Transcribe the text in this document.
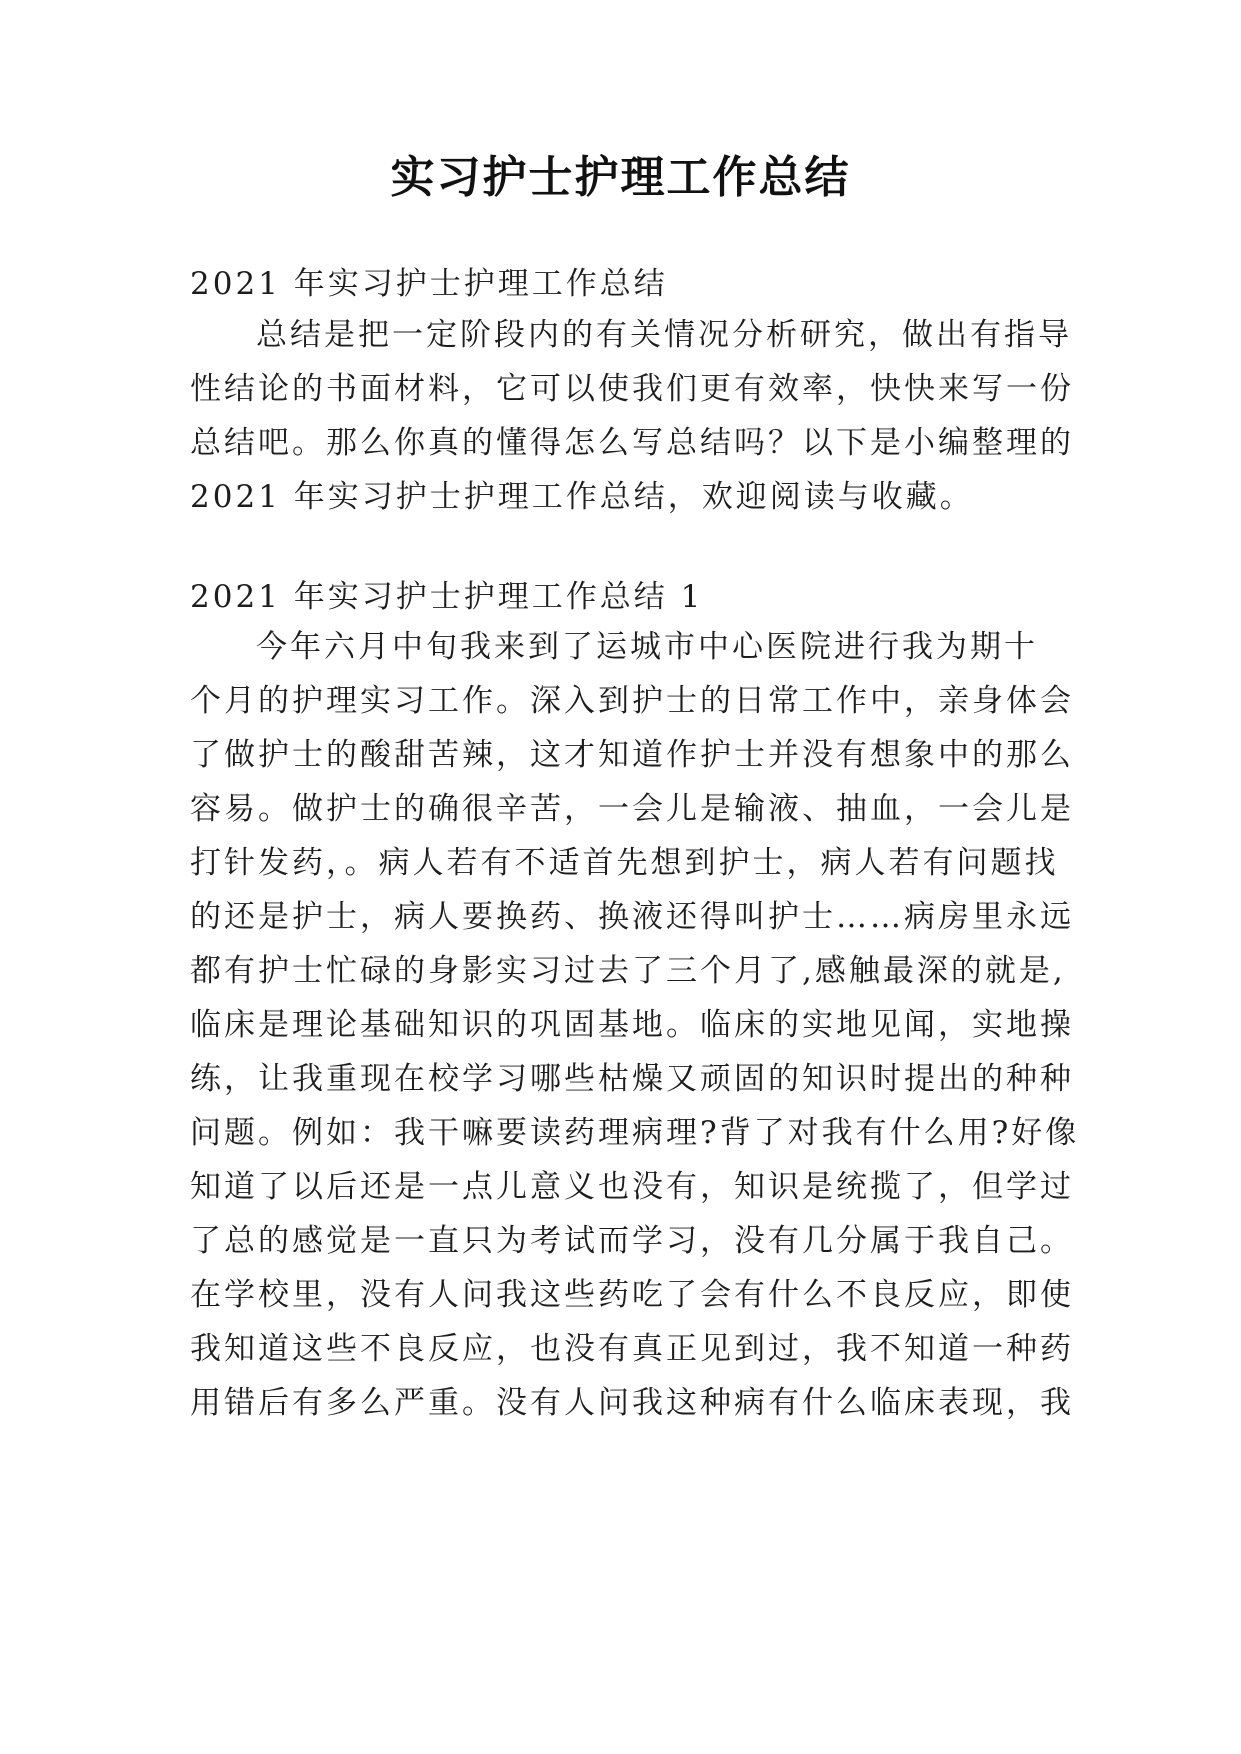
实习护士护理工作总结
2021 年实习护士护理工作总结
总结是把一定阶段内的有关情况分析研究，做出有指导
性结论的书面材料，它可以使我们更有效率，快快来写一份
总结吧。那么你真的懂得怎么写总结吗？以下是小编整理的
2021 年实习护士护理工作总结，欢迎阅读与收藏。
2021 年实习护士护理工作总结 1
今年六月中旬我来到了运城市中心医院进行我为期十
个月的护理实习工作。深入到护士的日常工作中，亲身体会
了做护士的酸甜苦辣，这才知道作护士并没有想象中的那么
容易。做护士的确很辛苦，一会儿是输液、抽血，一会儿是
打针发药，。病人若有不适首先想到护士，病人若有问题找
的还是护士，病人要换药、换液还得叫护士……病房里永远
都有护士忙碌的身影实习过去了三个月了,感触最深的就是,
临床是理论基础知识的巩固基地。临床的实地见闻，实地操
练，让我重现在校学习哪些枯燥又顽固的知识时提出的种种
问题。例如：我干嘛要读药理病理?背了对我有什么用?好像
知道了以后还是一点儿意义也没有，知识是统揽了，但学过
了总的感觉是一直只为考试而学习，没有几分属于我自己。
在学校里，没有人问我这些药吃了会有什么不良反应，即使
我知道这些不良反应，也没有真正见到过，我不知道一种药
用错后有多么严重。没有人问我这种病有什么临床表现，我
